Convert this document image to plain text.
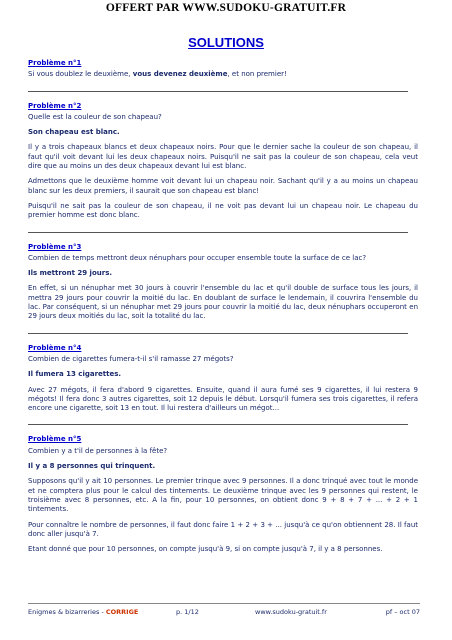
OFFERT PAR WWW.SUDOKU-GRATUIT.FR
SOLUTIONS

Problème n°1

Si vous doublez le deuxième, vous devenez deuxième, et non premier!

Problème n°2

Quelle est la couleur de son chapeau?

Son chapeau est blanc.

Il y a trois chapeaux blancs et deux chapeaux noirs. Pour que le dernier sache la couleur de son chapeau, il faut qu'il voit devant lui les deux chapeaux noirs. Puisqu'il ne sait pas la couleur de son chapeau, cela veut dire que au moins un des deux chapeaux devant lui est blanc.

Admettons que le deuxième homme voit devant lui un chapeau noir. Sachant qu'il y a au moins un chapeau blanc sur les deux premiers, il saurait que son chapeau est blanc!

Puisqu'il ne sait pas la couleur de son chapeau, il ne voit pas devant lui un chapeau noir. Le chapeau du premier homme est donc blanc.

Problème n°3

Combien de temps mettront deux nénuphars pour occuper ensemble toute la surface de ce lac?

Ils mettront 29 jours.

En effet, si un nénuphar met 30 jours à couvrir l'ensemble du lac et qu'il double de surface tous les jours, il mettra 29 jours pour couvrir la moitié du lac. En doublant de surface le lendemain, il couvrira l'ensemble du lac. Par conséquent, si un nénuphar met 29 jours pour couvrir la moitié du lac, deux nénuphars occuperont en 29 jours deux moitiés du lac, soit la totalité du lac.

Problème n°4

Combien de cigarettes fumera-t-il s'il ramasse 27 mégots?

Il fumera 13 cigarettes.

Avec 27 mégots, il fera d'abord 9 cigarettes. Ensuite, quand il aura fumé ses 9 cigarettes, il lui restera 9 mégots! Il fera donc 3 autres cigarettes, soit 12 depuis le début. Lorsqu'il fumera ses trois cigarettes, il refera encore une cigarette, soit 13 en tout. Il lui restera d'ailleurs un mégot...

Problème n°5

Combien y a t'il de personnes à la fête?

Il y a 8 personnes qui trinquent.

Supposons qu'il y ait 10 personnes. Le premier trinque avec 9 personnes. Il a donc trinqué avec tout le monde et ne comptera plus pour le calcul des tintements. Le deuxième trinque avec les 9 personnes qui restent, le troisième avec 8 personnes, etc. A la fin, pour 10 personnes, on obtient donc 9 + 8 + 7 + ... + 2 + 1 tintements.

Pour connaître le nombre de personnes, il faut donc faire 1 + 2 + 3 + ... jusqu'à ce qu'on obtiennent 28. Il faut donc aller jusqu'à 7.

Etant donné que pour 10 personnes, on compte jusqu'à 9, si on compte jusqu'à 7, il y a 8 personnes.

Enigmes & bizarreries - CORRIGE	p. 1/12	www.sudoku-gratuit.fr	pf – oct 07
